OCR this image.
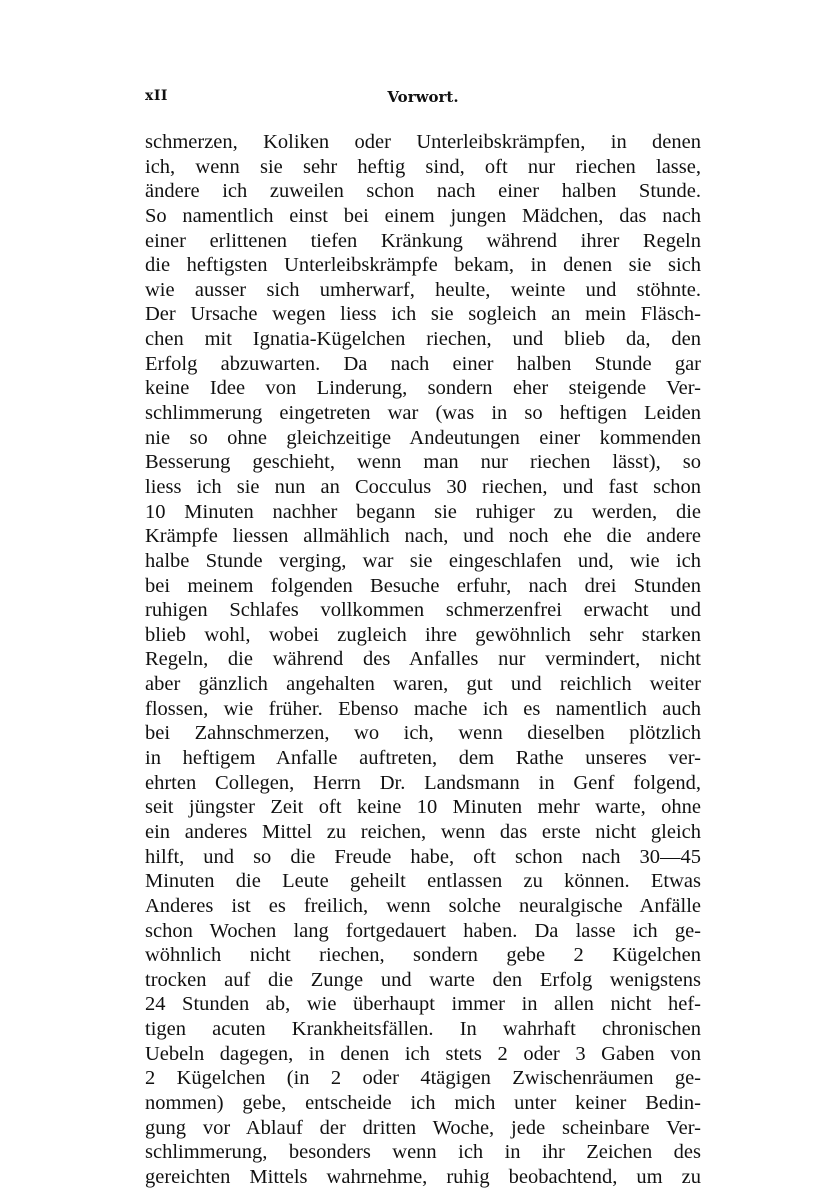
xII	Vorwort.
schmerzen, Koliken oder Unterleibskrämpfen, in denen
ich, wenn sie sehr heftig sind, oft nur riechen lasse,
ändere ich zuweilen schon nach einer halben Stunde.
So namentlich einst bei einem jungen Mädchen, das nach
einer erlittenen tiefen Kränkung während ihrer Regeln
die heftigsten Unterleibskrämpfe bekam, in denen sie sich
wie ausser sich umherwarf, heulte, weinte und stöhnte.
Der Ursache wegen liess ich sie sogleich an mein Fläsch-
chen mit Ignatia-Kügelchen riechen, und blieb da, den
Erfolg abzuwarten. Da nach einer halben Stunde gar
keine Idee von Linderung, sondern eher steigende Ver-
schlimmerung eingetreten war (was in so heftigen Leiden
nie so ohne gleichzeitige Andeutungen einer kommenden
Besserung geschieht, wenn man nur riechen lässt), so
liess ich sie nun an Cocculus 30 riechen, und fast schon
10 Minuten nachher begann sie ruhiger zu werden, die
Krämpfe liessen allmählich nach, und noch ehe die andere
halbe Stunde verging, war sie eingeschlafen und, wie ich
bei meinem folgenden Besuche erfuhr, nach drei Stunden
ruhigen Schlafes vollkommen schmerzenfrei erwacht und
blieb wohl, wobei zugleich ihre gewöhnlich sehr starken
Regeln, die während des Anfalles nur vermindert, nicht
aber gänzlich angehalten waren, gut und reichlich weiter
flossen, wie früher. Ebenso mache ich es namentlich auch
bei Zahnschmerzen, wo ich, wenn dieselben plötzlich
in heftigem Anfalle auftreten, dem Rathe unseres ver-
ehrten Collegen, Herrn Dr. Landsmann in Genf folgend,
seit jüngster Zeit oft keine 10 Minuten mehr warte, ohne
ein anderes Mittel zu reichen, wenn das erste nicht gleich
hilft, und so die Freude habe, oft schon nach 30—45
Minuten die Leute geheilt entlassen zu können. Etwas
Anderes ist es freilich, wenn solche neuralgische Anfälle
schon Wochen lang fortgedauert haben. Da lasse ich ge-
wöhnlich nicht riechen, sondern gebe 2 Kügelchen
trocken auf die Zunge und warte den Erfolg wenigstens
24 Stunden ab, wie überhaupt immer in allen nicht hef-
tigen acuten Krankheitsfällen. In wahrhaft chronischen
Uebeln dagegen, in denen ich stets 2 oder 3 Gaben von
2 Kügelchen (in 2 oder 4tägigen Zwischenräumen ge-
nommen) gebe, entscheide ich mich unter keiner Bedin-
gung vor Ablauf der dritten Woche, jede scheinbare Ver-
schlimmerung, besonders wenn ich in ihr Zeichen des
gereichten Mittels wahrnehme, ruhig beobachtend, um zu
